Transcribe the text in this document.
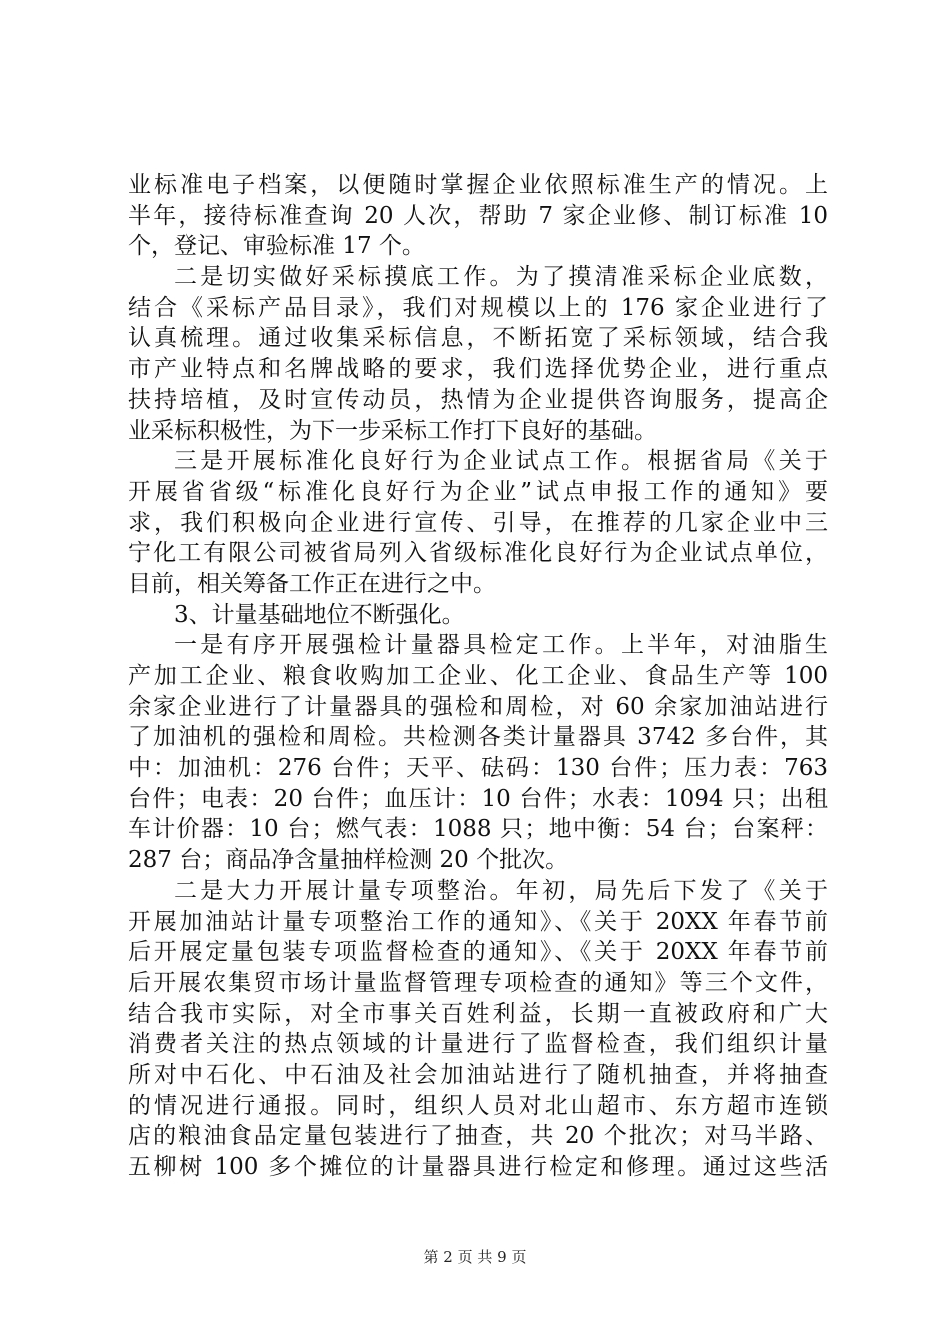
业标准电子档案，以便随时掌握企业依照标准生产的情况。上
半年，接待标准查询 20 人次，帮助 7 家企业修、制订标准 10
个，登记、审验标准 17 个。
二是切实做好采标摸底工作。为了摸清准采标企业底数，
结合《采标产品目录》，我们对规模以上的 176 家企业进行了
认真梳理。通过收集采标信息，不断拓宽了采标领域，结合我
市产业特点和名牌战略的要求，我们选择优势企业，进行重点
扶持培植，及时宣传动员，热情为企业提供咨询服务，提高企
业采标积极性，为下一步采标工作打下良好的基础。
三是开展标准化良好行为企业试点工作。根据省局《关于
开展省省级“标准化良好行为企业”试点申报工作的通知》要
求，我们积极向企业进行宣传、引导，在推荐的几家企业中三
宁化工有限公司被省局列入省级标准化良好行为企业试点单位，
目前，相关筹备工作正在进行之中。
3、计量基础地位不断强化。
一是有序开展强检计量器具检定工作。上半年，对油脂生
产加工企业、粮食收购加工企业、化工企业、食品生产等 100
余家企业进行了计量器具的强检和周检，对 60 余家加油站进行
了加油机的强检和周检。共检测各类计量器具 3742 多台件，其
中：加油机：276 台件；天平、砝码：130 台件；压力表：763
台件；电表：20 台件；血压计：10 台件；水表：1094 只；出租
车计价器：10 台；燃气表：1088 只；地中衡：54 台；台案秤：
287 台；商品净含量抽样检测 20 个批次。
二是大力开展计量专项整治。年初，局先后下发了《关于
开展加油站计量专项整治工作的通知》、《关于 20XX 年春节前
后开展定量包装专项监督检查的通知》、《关于 20XX 年春节前
后开展农集贸市场计量监督管理专项检查的通知》等三个文件，
结合我市实际，对全市事关百姓利益，长期一直被政府和广大
消费者关注的热点领域的计量进行了监督检查，我们组织计量
所对中石化、中石油及社会加油站进行了随机抽查，并将抽查
的情况进行通报。同时，组织人员对北山超市、东方超市连锁
店的粮油食品定量包装进行了抽查，共 20 个批次；对马半路、
五柳树 100 多个摊位的计量器具进行检定和修理。通过这些活
第 2 页 共 9 页
